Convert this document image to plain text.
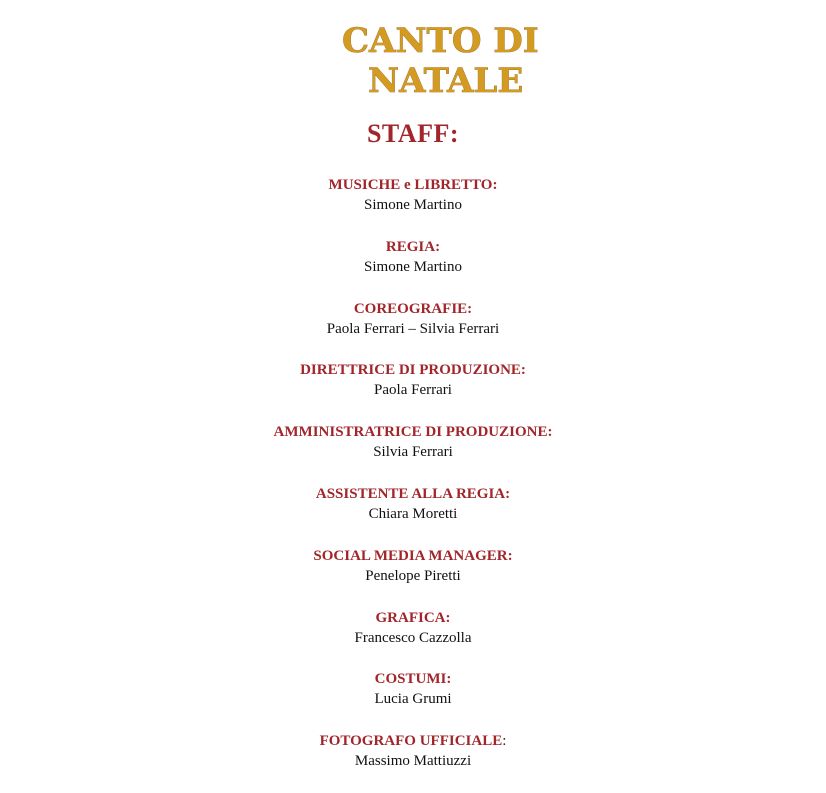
CANTO DI
NATALE
STAFF:
MUSICHE e LIBRETTO:
Simone Martino
REGIA:
Simone Martino
COREOGRAFIE:
Paola Ferrari – Silvia Ferrari
DIRETTRICE DI PRODUZIONE:
Paola Ferrari
AMMINISTRATRICE DI PRODUZIONE:
Silvia Ferrari
ASSISTENTE ALLA REGIA:
Chiara Moretti
SOCIAL MEDIA MANAGER:
Penelope Piretti
GRAFICA:
Francesco Cazzolla
COSTUMI:
Lucia Grumi
FOTOGRAFO UFFICIALE:
Massimo Mattiuzzi
